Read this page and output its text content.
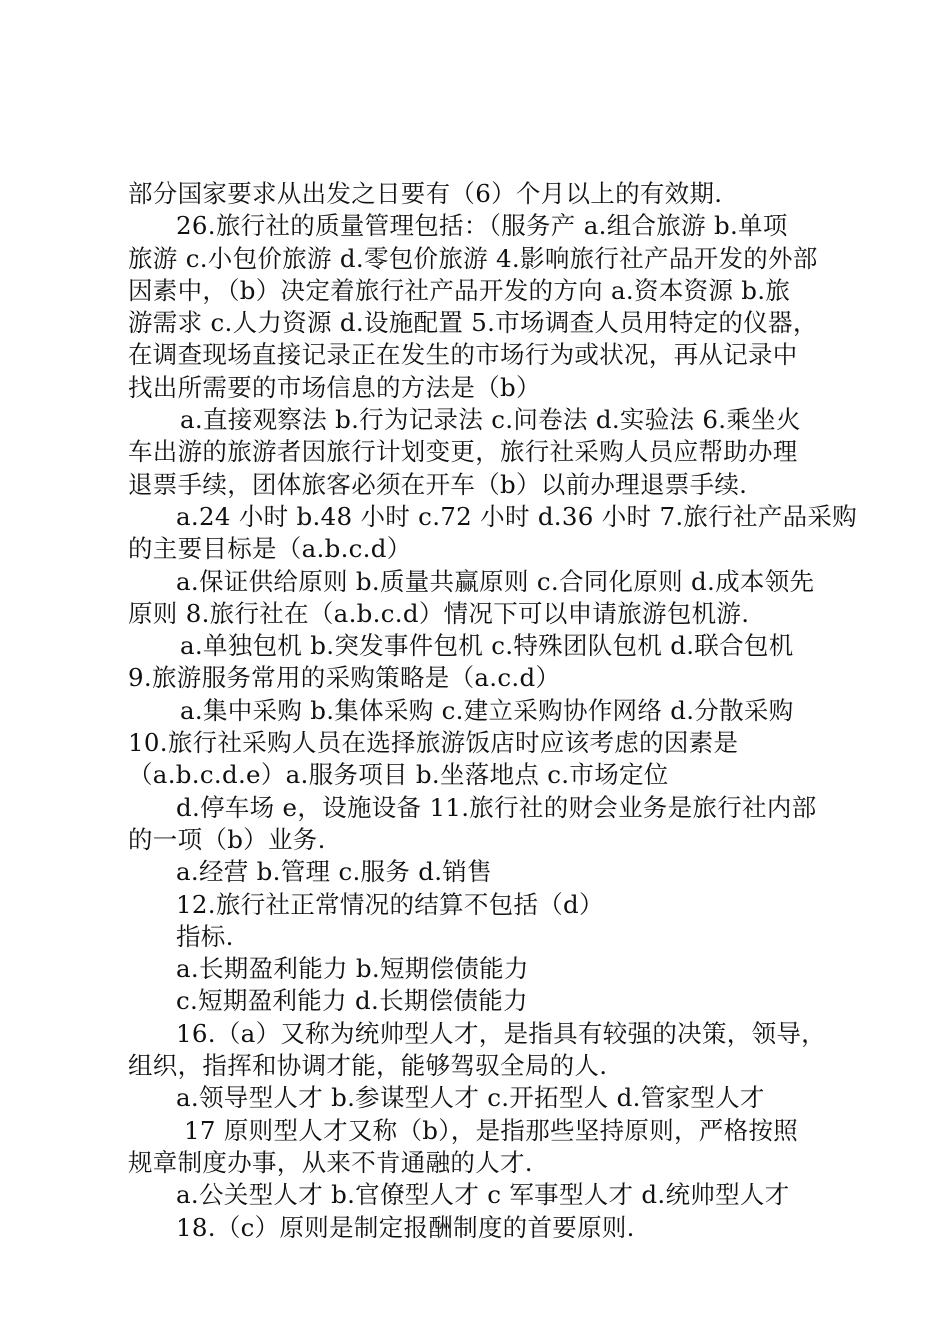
部分国家要求从出发之日要有（6）个月以上的有效期.
26.旅行社的质量管理包括：（服务产 a.组合旅游 b.单项
旅游 c.小包价旅游 d.零包价旅游 4.影响旅行社产品开发的外部
因素中，（b）决定着旅行社产品开发的方向 a.资本资源 b.旅
游需求 c.人力资源 d.设施配置 5.市场调查人员用特定的仪器，
在调查现场直接记录正在发生的市场行为或状况，再从记录中
找出所需要的市场信息的方法是（b）
a.直接观察法 b.行为记录法 c.问卷法 d.实验法 6.乘坐火
车出游的旅游者因旅行计划变更，旅行社采购人员应帮助办理
退票手续，团体旅客必须在开车（b）以前办理退票手续.
a.24 小时 b.48 小时 c.72 小时 d.36 小时 7.旅行社产品采购
的主要目标是（a.b.c.d）
a.保证供给原则 b.质量共赢原则 c.合同化原则 d.成本领先
原则 8.旅行社在（a.b.c.d）情况下可以申请旅游包机游.
a.单独包机 b.突发事件包机 c.特殊团队包机 d.联合包机
9.旅游服务常用的采购策略是（a.c.d）
a.集中采购 b.集体采购 c.建立采购协作网络 d.分散采购
10.旅行社采购人员在选择旅游饭店时应该考虑的因素是
（a.b.c.d.e）a.服务项目 b.坐落地点 c.市场定位
d.停车场 e，设施设备 11.旅行社的财会业务是旅行社内部
的一项（b）业务.
a.经营 b.管理 c.服务 d.销售
12.旅行社正常情况的结算不包括（d）
指标.
a.长期盈利能力 b.短期偿债能力
c.短期盈利能力 d.长期偿债能力
16.（a）又称为统帅型人才，是指具有较强的决策，领导，
组织，指挥和协调才能，能够驾驭全局的人.
a.领导型人才 b.参谋型人才 c.开拓型人 d.管家型人才
17 原则型人才又称（b），是指那些坚持原则，严格按照
规章制度办事，从来不肯通融的人才.
a.公关型人才 b.官僚型人才 c 军事型人才 d.统帅型人才
18.（c）原则是制定报酬制度的首要原则.
